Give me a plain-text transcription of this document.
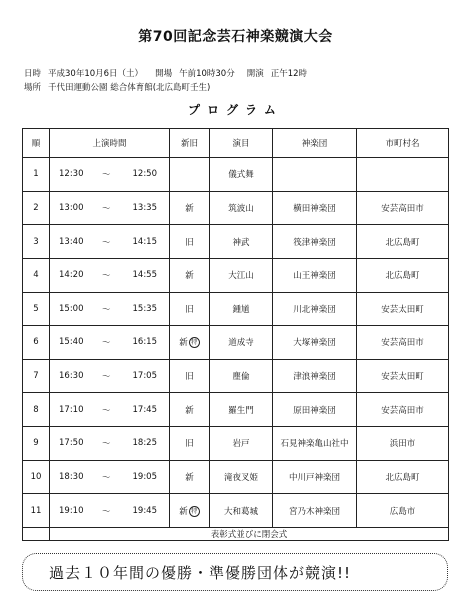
第70回記念芸石神楽競演大会
日時 平成30年10月6日（土） 開場 午前10時30分 開演 正午12時
場所 千代田運動公園 総合体育館(北広島町壬生)
プログラム
順	上演時間	新旧	演目	神楽団	市町村名
1	12:30 ～ 12:50		儀式舞		
2	13:00 ～ 13:35	新	筑波山	横田神楽団	安芸高田市
3	13:40 ～ 14:15	旧	神武	筏津神楽団	北広島町
4	14:20 ～ 14:55	新	大江山	山王神楽団	北広島町
5	15:00 ～ 15:35	旧	鍾馗	川北神楽団	安芸太田町
6	15:40 ～ 16:15	新 特	道成寺	大塚神楽団	安芸高田市
7	16:30 ～ 17:05	旧	塵倫	津浪神楽団	安芸太田町
8	17:10 ～ 17:45	新	羅生門	原田神楽団	安芸高田市
9	17:50 ～ 18:25	旧	岩戸	石見神楽亀山社中	浜田市
10	18:30 ～ 19:05	新	滝夜叉姫	中川戸神楽団	北広島町
11	19:10 ～ 19:45	新 特	大和葛城	宮乃木神楽団	広島市
	表彰式並びに閉会式				
過去１０年間の優勝・準優勝団体が競演!!
